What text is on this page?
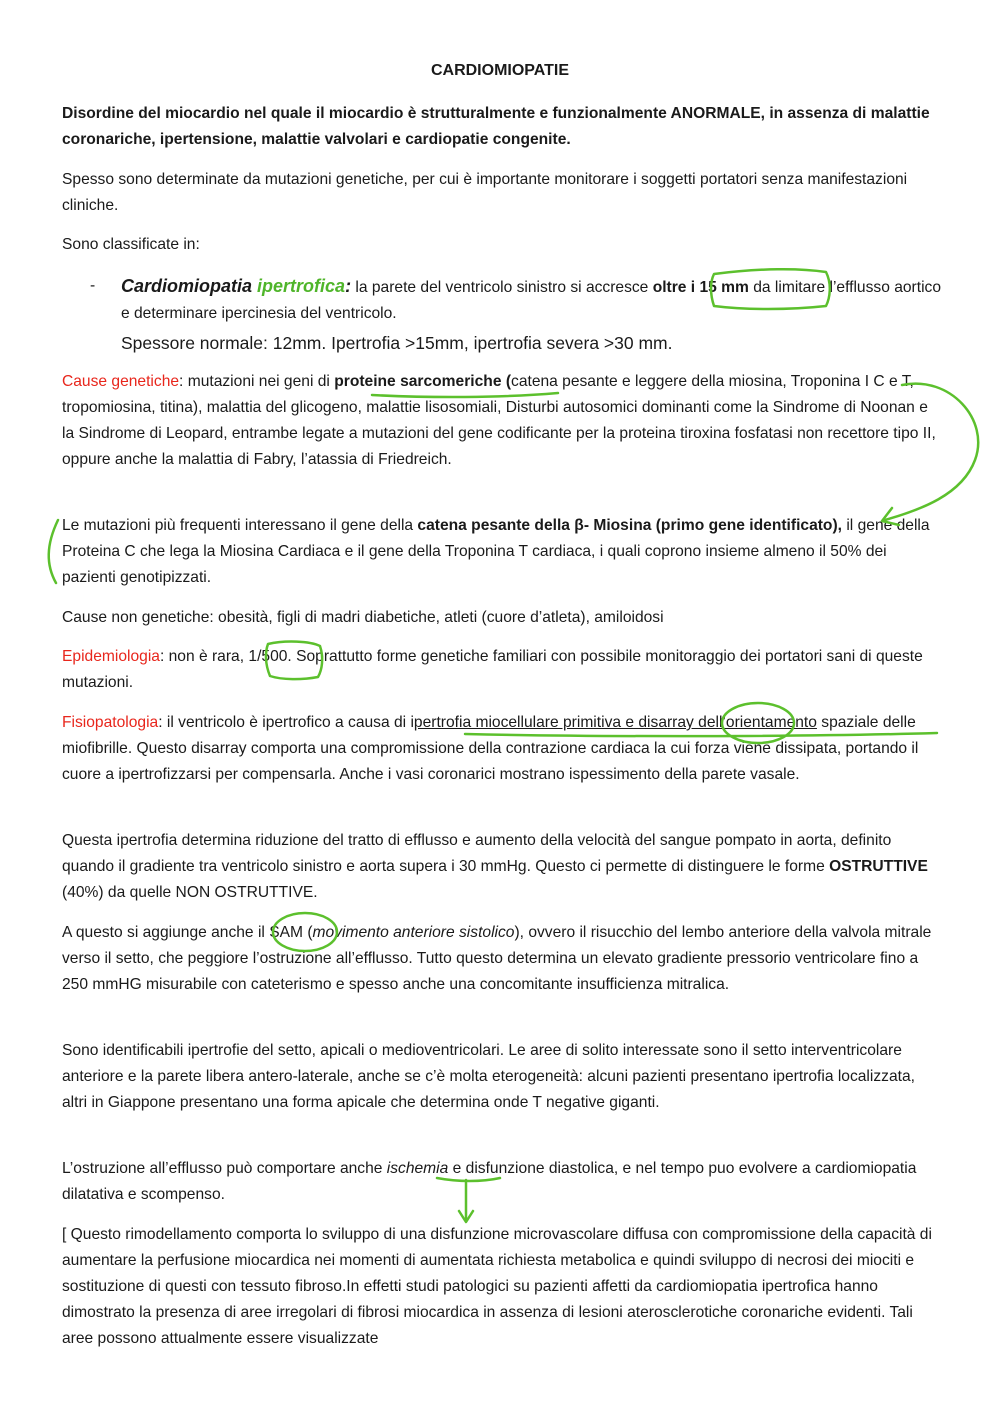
CARDIOMIOPATIE

Disordine del miocardio nel quale il miocardio è strutturalmente e funzionalmente ANORMALE, in assenza di malattie coronariche, ipertensione, malattie valvolari e cardiopatie congenite.

Spesso sono determinate da mutazioni genetiche, per cui è importante monitorare i soggetti portatori senza manifestazioni cliniche.

Sono classificate in:

- Cardiomiopatia ipertrofica: la parete del ventricolo sinistro si accresce oltre i 15 mm da limitare l’efflusso aortico e determinare ipercinesia del ventricolo.
Spessore normale: 12mm. Ipertrofia >15mm, ipertrofia severa >30 mm.

Cause genetiche: mutazioni nei geni di proteine sarcomeriche (catena pesante e leggere della miosina, Troponina I C e T, tropomiosina, titina), malattia del glicogeno, malattie lisosomiali, Disturbi autosomici dominanti come la Sindrome di Noonan e la Sindrome di Leopard, entrambe legate a mutazioni del gene codificante per la proteina tiroxina fosfatasi non recettore tipo II, oppure anche la malattia di Fabry, l’atassia di Friedreich.

Le mutazioni più frequenti interessano il gene della catena pesante della β- Miosina (primo gene identificato), il gene della Proteina C che lega la Miosina Cardiaca e il gene della Troponina T cardiaca, i quali coprono insieme almeno il 50% dei pazienti genotipizzati.

Cause non genetiche: obesità, figli di madri diabetiche, atleti (cuore d’atleta), amiloidosi

Epidemiologia: non è rara, 1/500. Soprattutto forme genetiche familiari con possibile monitoraggio dei portatori sani di queste mutazioni.

Fisiopatologia: il ventricolo è ipertrofico a causa di ipertrofia miocellulare primitiva e disarray dell’orientamento spaziale delle miofibrille. Questo disarray comporta una compromissione della contrazione cardiaca la cui forza viene dissipata, portando il cuore a ipertrofizzarsi per compensarla. Anche i vasi coronarici mostrano ispessimento della parete vasale.

Questa ipertrofia determina riduzione del tratto di efflusso e aumento della velocità del sangue pompato in aorta, definito quando il gradiente tra ventricolo sinistro e aorta supera i 30 mmHg. Questo ci permette di distinguere le forme OSTRUTTIVE (40%) da quelle NON OSTRUTTIVE.

A questo si aggiunge anche il SAM (movimento anteriore sistolico), ovvero il risucchio del lembo anteriore della valvola mitrale verso il setto, che peggiore l’ostruzione all’efflusso. Tutto questo determina un elevato gradiente pressorio ventricolare fino a 250 mmHG misurabile con cateterismo e spesso anche una concomitante insufficienza mitralica.

Sono identificabili ipertrofie del setto, apicali o medioventricolari. Le aree di solito interessate sono il setto interventricolare anteriore e la parete libera antero-laterale, anche se c’è molta eterogeneità: alcuni pazienti presentano ipertrofia localizzata, altri in Giappone presentano una forma apicale che determina onde T negative giganti.

L’ostruzione all’efflusso può comportare anche ischemia e disfunzione diastolica, e nel tempo puo evolvere a cardiomiopatia dilatativa e scompenso.

[ Questo rimodellamento comporta lo sviluppo di una disfunzione microvascolare diffusa con compromissione della capacità di aumentare la perfusione miocardica nei momenti di aumentata richiesta metabolica e quindi sviluppo di necrosi dei miociti e sostituzione di questi con tessuto fibroso.In effetti studi patologici su pazienti affetti da cardiomiopatia ipertrofica hanno dimostrato la presenza di aree irregolari di fibrosi miocardica in assenza di lesioni aterosclerotiche coronariche evidenti. Tali aree possono attualmente essere visualizzate
